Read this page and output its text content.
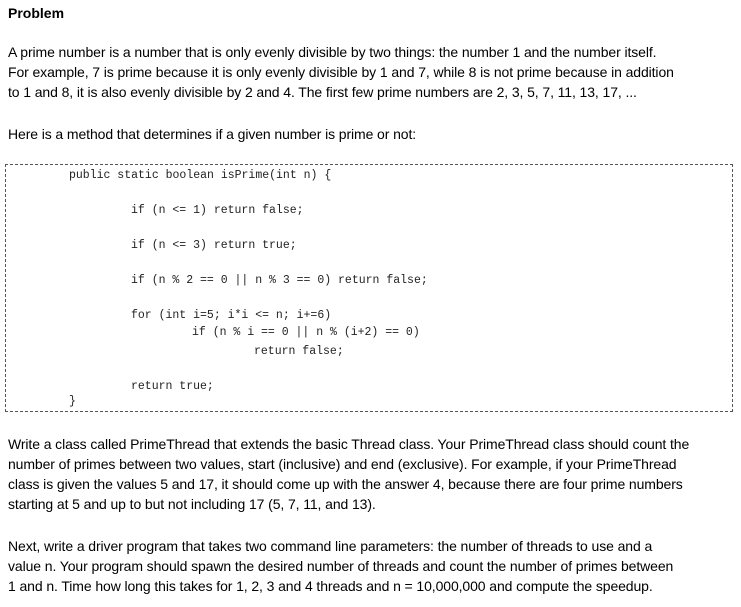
Problem
A prime number is a number that is only evenly divisible by two things: the number 1 and the number itself.
For example, 7 is prime because it is only evenly divisible by 1 and 7, while 8 is not prime because in addition
to 1 and 8, it is also evenly divisible by 2 and 4. The first few prime numbers are 2, 3, 5, 7, 11, 13, 17, ...
Here is a method that determines if a given number is prime or not:
public static boolean isPrime(int n) {
if (n <= 1) return false;
if (n <= 3) return true;
if (n % 2 == 0 || n % 3 == 0) return false;
for (int i=5; i*i <= n; i+=6)
if (n % i == 0 || n % (i+2) == 0)
return false;
return true;
}
Write a class called PrimeThread that extends the basic Thread class. Your PrimeThread class should count the
number of primes between two values, start (inclusive) and end (exclusive). For example, if your PrimeThread
class is given the values 5 and 17, it should come up with the answer 4, because there are four prime numbers
starting at 5 and up to but not including 17 (5, 7, 11, and 13).
Next, write a driver program that takes two command line parameters: the number of threads to use and a
value n. Your program should spawn the desired number of threads and count the number of primes between
1 and n. Time how long this takes for 1, 2, 3 and 4 threads and n = 10,000,000 and compute the speedup.
